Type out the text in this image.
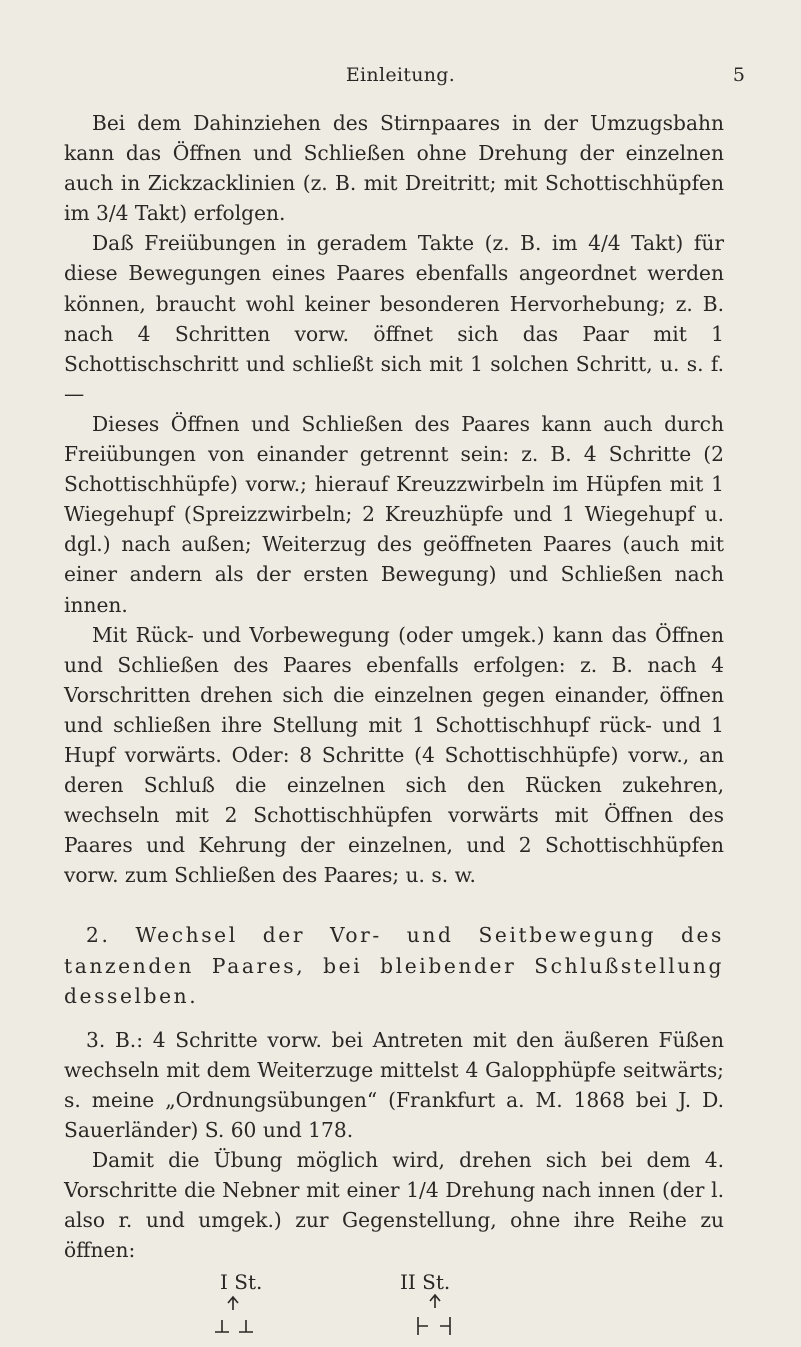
Einleitung.	5

Bei dem Dahinziehen des Stirnpaares in der Umzugsbahn kann das Öffnen und Schließen ohne Drehung der einzelnen auch in Zickzacklinien (z. B. mit Dreitritt; mit Schottischhüpfen im 3/4 Takt) erfolgen.

Daß Freiübungen in geradem Takte (z. B. im 4/4 Takt) für diese Bewegungen eines Paares ebenfalls angeordnet werden können, braucht wohl keiner besonderen Hervorhebung; z. B. nach 4 Schritten vorw. öffnet sich das Paar mit 1 Schottischschritt und schließt sich mit 1 solchen Schritt, u. s. f. —

Dieses Öffnen und Schließen des Paares kann auch durch Freiübungen von einander getrennt sein: z. B. 4 Schritte (2 Schottischhüpfe) vorw.; hierauf Kreuzzwirbeln im Hüpfen mit 1 Wiegehupf (Spreizzwirbeln; 2 Kreuzhüpfe und 1 Wiegehupf u. dgl.) nach außen; Weiterzug des geöffneten Paares (auch mit einer andern als der ersten Bewegung) und Schließen nach innen.

Mit Rück- und Vorbewegung (oder umgek.) kann das Öffnen und Schließen des Paares ebenfalls erfolgen: z. B. nach 4 Vorschritten drehen sich die einzelnen gegen einander, öffnen und schließen ihre Stellung mit 1 Schottischhupf rück- und 1 Hupf vorwärts. Oder: 8 Schritte (4 Schottischhüpfe) vorw., an deren Schluß die einzelnen sich den Rücken zukehren, wechseln mit 2 Schottischhüpfen vorwärts mit Öffnen des Paares und Kehrung der einzelnen, und 2 Schottischhüpfen vorw. zum Schließen des Paares; u. s. w.

2. Wechsel der Vor- und Seitbewegung des tanzenden Paares, bei bleibender Schlußstellung desselben.

3. B.: 4 Schritte vorw. bei Antreten mit den äußeren Füßen wechseln mit dem Weiterzuge mittelst 4 Galopphüpfe seitwärts; s. meine „Ordnungsübungen“ (Frankfurt a. M. 1868 bei J. D. Sauerländer) S. 60 und 178.

Damit die Übung möglich wird, drehen sich bei dem 4. Vorschritte die Nebner mit einer 1/4 Drehung nach innen (der l. also r. und umgek.) zur Gegenstellung, ohne ihre Reihe zu öffnen:

I St.	II St.
